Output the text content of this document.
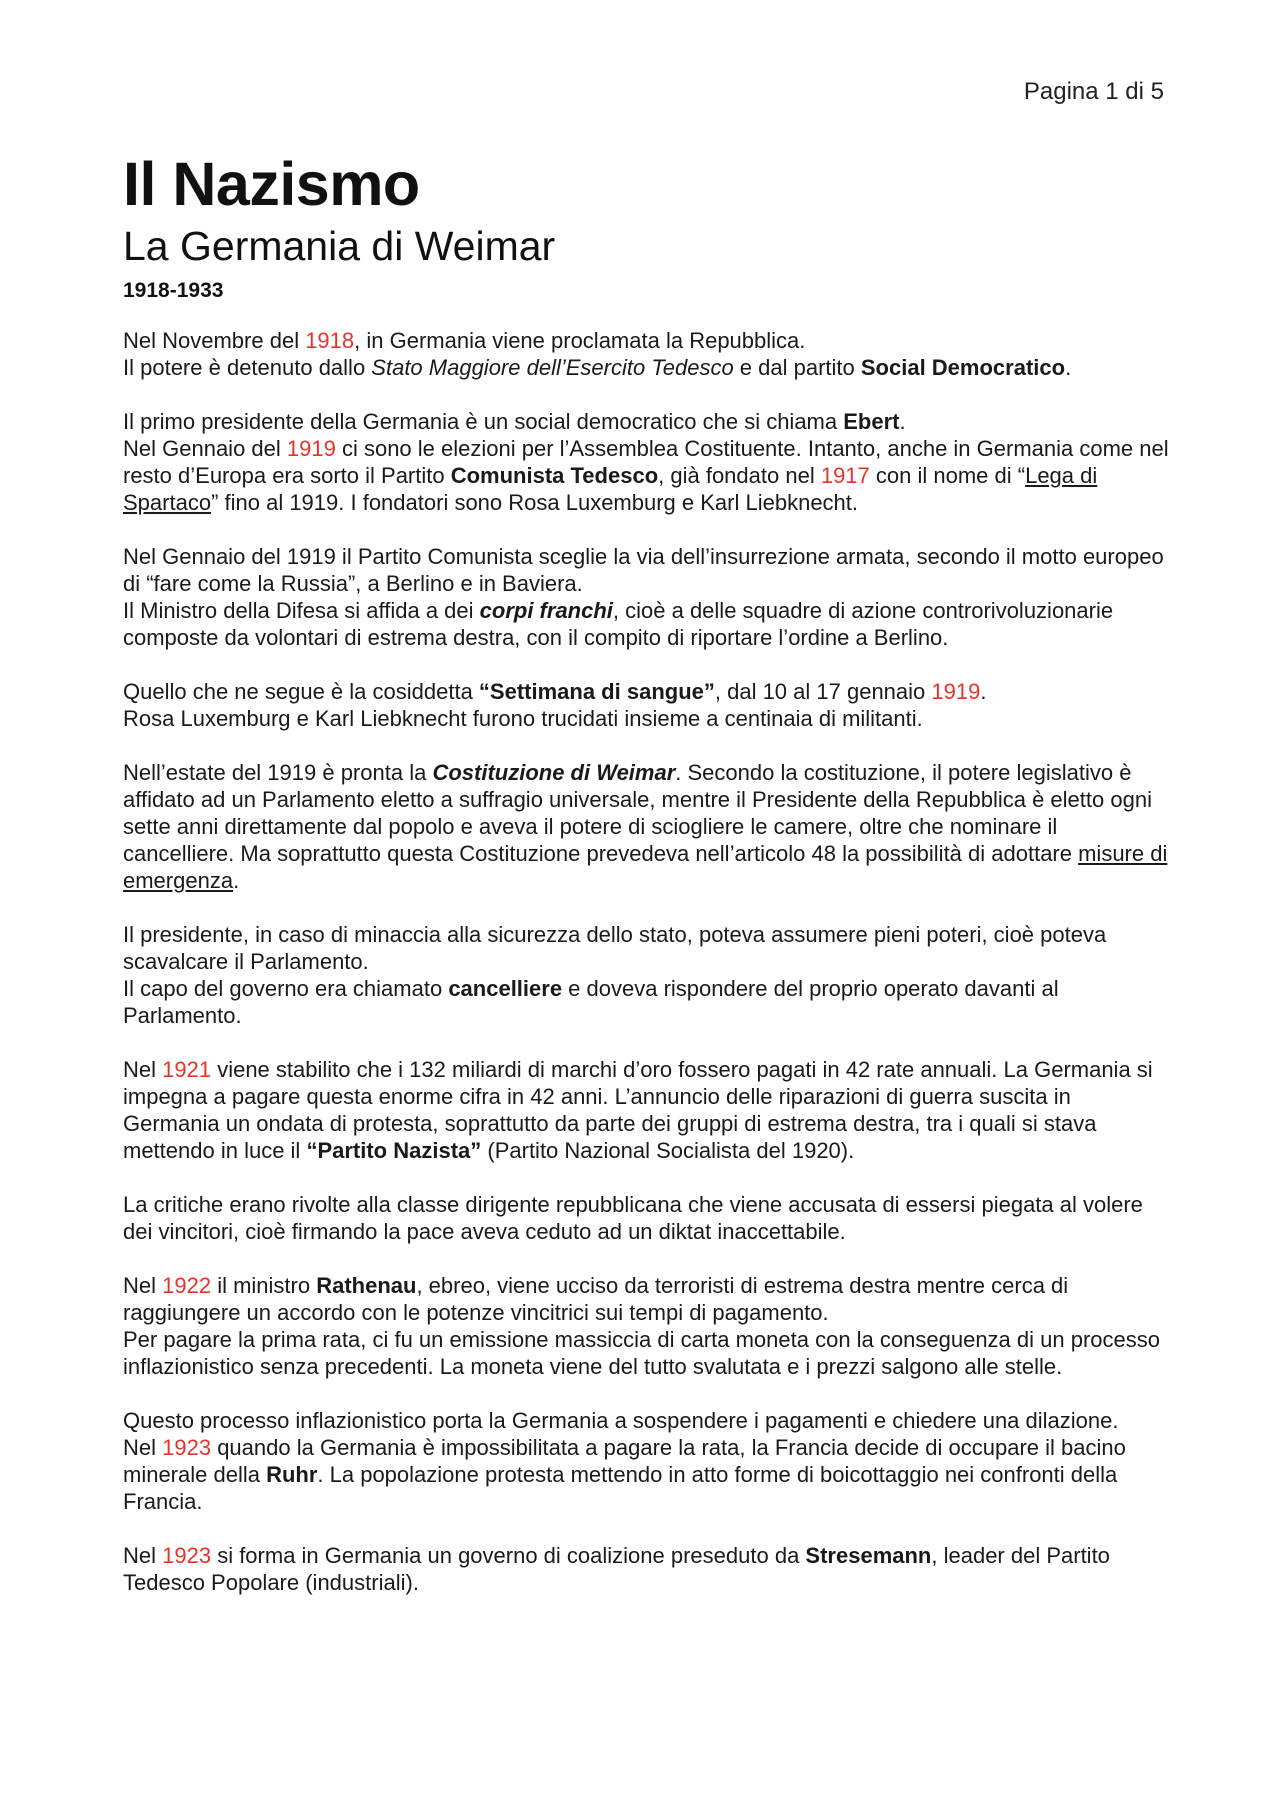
Pagina 1 di 5
Il Nazismo
La Germania di Weimar
1918-1933

Nel Novembre del 1918, in Germania viene proclamata la Repubblica.
Il potere è detenuto dallo Stato Maggiore dell’Esercito Tedesco e dal partito Social Democratico.

Il primo presidente della Germania è un social democratico che si chiama Ebert.
Nel Gennaio del 1919 ci sono le elezioni per l’Assemblea Costituente. Intanto, anche in Germania come nel resto d’Europa era sorto il Partito Comunista Tedesco, già fondato nel 1917 con il nome di “Lega di Spartaco” fino al 1919. I fondatori sono Rosa Luxemburg e Karl Liebknecht.

Nel Gennaio del 1919 il Partito Comunista sceglie la via dell’insurrezione armata, secondo il motto europeo di “fare come la Russia”, a Berlino e in Baviera.
Il Ministro della Difesa si affida a dei corpi franchi, cioè a delle squadre di azione controrivoluzionarie composte da volontari di estrema destra, con il compito di riportare l’ordine a Berlino.

Quello che ne segue è la cosiddetta “Settimana di sangue”, dal 10 al 17 gennaio 1919.
Rosa Luxemburg e Karl Liebknecht furono trucidati insieme a centinaia di militanti.

Nell’estate del 1919 è pronta la Costituzione di Weimar. Secondo la costituzione, il potere legislativo è affidato ad un Parlamento eletto a suffragio universale, mentre il Presidente della Repubblica è eletto ogni sette anni direttamente dal popolo e aveva il potere di sciogliere le camere, oltre che nominare il cancelliere. Ma soprattutto questa Costituzione prevedeva nell’articolo 48 la possibilità di adottare misure di emergenza.

Il presidente, in caso di minaccia alla sicurezza dello stato, poteva assumere pieni poteri, cioè poteva scavalcare il Parlamento.
Il capo del governo era chiamato cancelliere e doveva rispondere del proprio operato davanti al Parlamento.

Nel 1921 viene stabilito che i 132 miliardi di marchi d’oro fossero pagati in 42 rate annuali. La Germania si impegna a pagare questa enorme cifra in 42 anni. L’annuncio delle riparazioni di guerra suscita in Germania un ondata di protesta, soprattutto da parte dei gruppi di estrema destra, tra i quali si stava mettendo in luce il “Partito Nazista” (Partito Nazional Socialista del 1920).

La critiche erano rivolte alla classe dirigente repubblicana che viene accusata di essersi piegata al volere dei vincitori, cioè firmando la pace aveva ceduto ad un diktat inaccettabile.

Nel 1922 il ministro Rathenau, ebreo, viene ucciso da terroristi di estrema destra mentre cerca di raggiungere un accordo con le potenze vincitrici sui tempi di pagamento.
Per pagare la prima rata, ci fu un emissione massiccia di carta moneta con la conseguenza di un processo inflazionistico senza precedenti. La moneta viene del tutto svalutata e i prezzi salgono alle stelle.

Questo processo inflazionistico porta la Germania a sospendere i pagamenti e chiedere una dilazione.
Nel 1923 quando la Germania è impossibilitata a pagare la rata, la Francia decide di occupare il bacino minerale della Ruhr. La popolazione protesta mettendo in atto forme di boicottaggio nei confronti della Francia.

Nel 1923 si forma in Germania un governo di coalizione preseduto da Stresemann, leader del Partito Tedesco Popolare (industriali).
